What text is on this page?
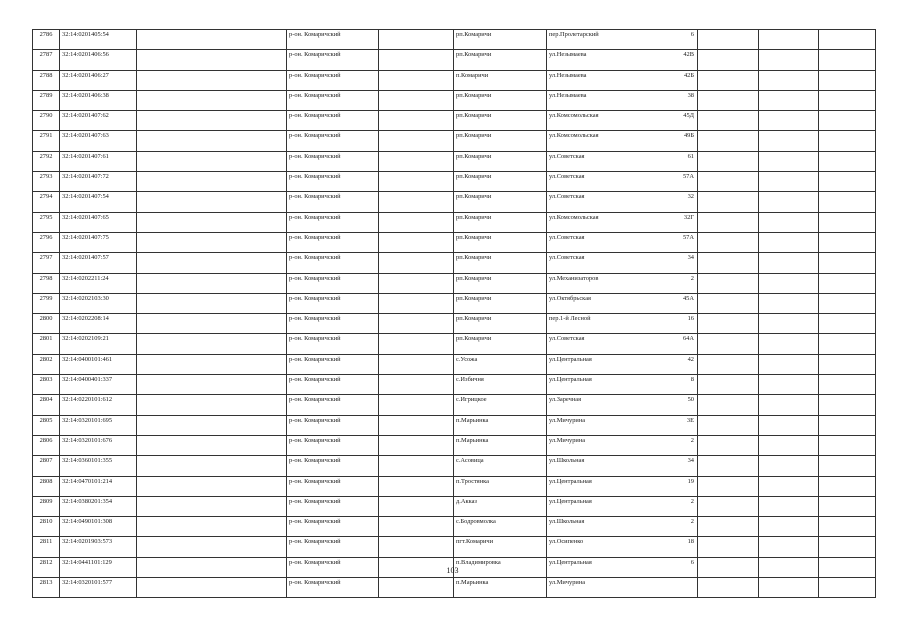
2786	32:14:0201405:54		р-он. Комаричский		рп.Комаричи	пер.Пролетарский 6			

2787	32:14:0201406:56		р-он. Комаричский		рп.Комаричи	ул.Незымаева 42В			

2788	32:14:0201406:27		р-он. Комаричский		п.Комаричи	ул.Незымаева 42Б			

2789	32:14:0201406:38		р-он. Комаричский		рп.Комаричи	ул.Незымаева 38			

2790	32:14:0201407:62		р-он. Комаричский		рп.Комаричи	ул.Комсомольская 45Д			

2791	32:14:0201407:63		р-он. Комаричский		рп.Комаричи	ул.Комсомольская 49Б			

2792	32:14:0201407:61		р-он. Комаричский		рп.Комаричи	ул.Советская 61			

2793	32:14:0201407:72		р-он. Комаричский		рп.Комаричи	ул.Советская 57А			

2794	32:14:0201407:54		р-он. Комаричский		рп.Комаричи	ул.Советская 32			

2795	32:14:0201407:65		р-он. Комаричский		рп.Комаричи	ул.Комсомольская 32Г			

2796	32:14:0201407:75		р-он. Комаричский		рп.Комаричи	ул.Советская 57А			

2797	32:14:0201407:57		р-он. Комаричский		рп.Комаричи	ул.Советская 34			

2798	32:14:0202211:24		р-он. Комаричский		рп.Комаричи	ул.Механизаторов 2			

2799	32:14:0202103:30		р-он. Комаричский		рп.Комаричи	ул.Октябрьская 45А			

2800	32:14:0202208:14		р-он. Комаричский		рп.Комаричи	пер.1-й Лесной 16			

2801	32:14:0202109:21		р-он. Комаричский		рп.Комаричи	ул.Советская 64А			

2802	32:14:0400101:461		р-он. Комаричский		с.Усожа	ул.Центральная 42			

2803	32:14:0400401:337		р-он. Комаричский		с.Избичня	ул.Центральная 8			

2804	32:14:0220101:612		р-он. Комаричский		с.Игрицкое	ул.Заречная 50			

2805	32:14:0320101:695		р-он. Комаричский		п.Марьинка	ул.Мичурина 3Е			

2806	32:14:0320101:676		р-он. Комаричский		п.Марьинка	ул.Мичурина 2			

2807	32:14:0360101:355		р-он. Комаричский		с.Асовица	ул.Школьная 34			

2808	32:14:0470101:214		р-он. Комаричский		п.Тростянка	ул.Центральная 19			

2809	32:14:0380201:354		р-он. Комаричский		д.Акказ	ул.Центральная 2			

2810	32:14:0490101:308		р-он. Комаричский		с.Бодровмолка	ул.Школьная 2			

2811	32:14:0201903:573		р-он. Комаричский		пгт.Комаричи	ул.Осипенко 18			

2812	32:14:0441101:129		р-он. Комаричский		п.Владимировка	ул.Центральная 6			

2813	32:14:0320101:577		р-он. Комаричский		п.Марьинка	ул.Мичурина

103
